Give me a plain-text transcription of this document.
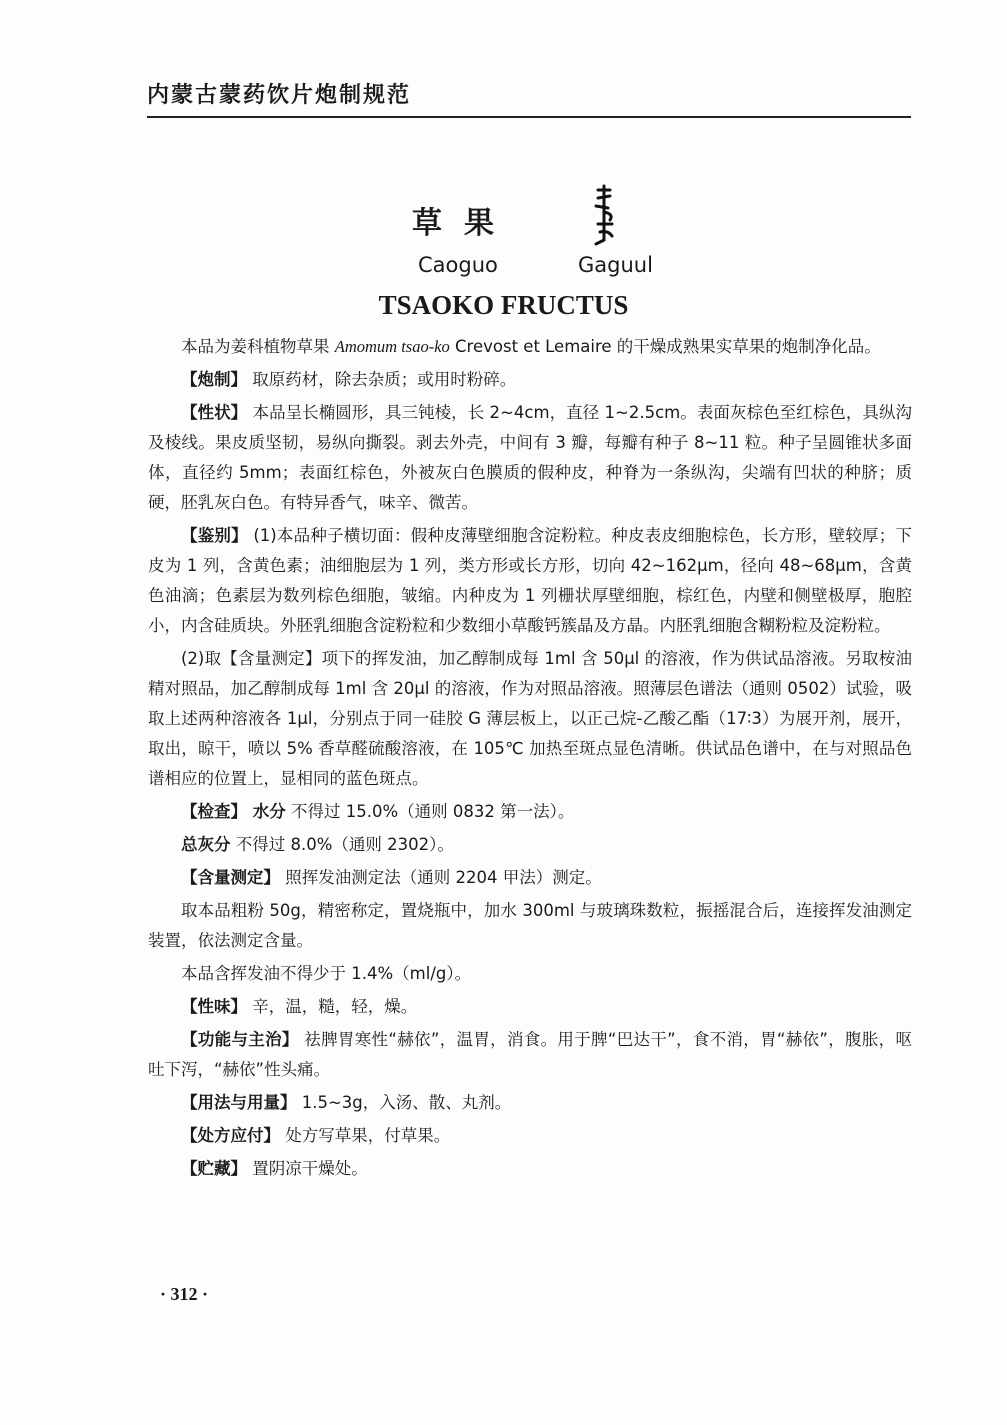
内蒙古蒙药饮片炮制规范
草果
Caoguo	Gaguul
TSAOKO FRUCTUS

本品为姜科植物草果 Amomum tsao-ko Crevost et Lemaire 的干燥成熟果实草果的炮制净化品。

【炮制】 取原药材，除去杂质；或用时粉碎。

【性状】 本品呈长椭圆形，具三钝棱，长 2~4cm，直径 1~2.5cm。表面灰棕色至红棕色，具纵沟及棱线。果皮质坚韧，易纵向撕裂。剥去外壳，中间有 3 瓣，每瓣有种子 8~11 粒。种子呈圆锥状多面体，直径约 5mm；表面红棕色，外被灰白色膜质的假种皮，种脊为一条纵沟，尖端有凹状的种脐；质硬，胚乳灰白色。有特异香气，味辛、微苦。

【鉴别】 (1)本品种子横切面：假种皮薄壁细胞含淀粉粒。种皮表皮细胞棕色，长方形，壁较厚；下皮为 1 列，含黄色素；油细胞层为 1 列，类方形或长方形，切向 42~162μm，径向 48~68μm，含黄色油滴；色素层为数列棕色细胞，皱缩。内种皮为 1 列栅状厚壁细胞，棕红色，内壁和侧壁极厚，胞腔小，内含硅质块。外胚乳细胞含淀粉粒和少数细小草酸钙簇晶及方晶。内胚乳细胞含糊粉粒及淀粉粒。

(2)取【含量测定】项下的挥发油，加乙醇制成每 1ml 含 50μl 的溶液，作为供试品溶液。另取桉油精对照品，加乙醇制成每 1ml 含 20μl 的溶液，作为对照品溶液。照薄层色谱法（通则 0502）试验，吸取上述两种溶液各 1μl，分别点于同一硅胶 G 薄层板上，以正己烷-乙酸乙酯（17∶3）为展开剂，展开，取出，晾干，喷以 5% 香草醛硫酸溶液，在 105℃ 加热至斑点显色清晰。供试品色谱中，在与对照品色谱相应的位置上，显相同的蓝色斑点。

【检查】 水分 不得过 15.0%（通则 0832 第一法）。

总灰分 不得过 8.0%（通则 2302）。

【含量测定】 照挥发油测定法（通则 2204 甲法）测定。

取本品粗粉 50g，精密称定，置烧瓶中，加水 300ml 与玻璃珠数粒，振摇混合后，连接挥发油测定装置，依法测定含量。

本品含挥发油不得少于 1.4%（ml/g）。

【性味】 辛，温，糙，轻，燥。

【功能与主治】 祛脾胃寒性“赫依”，温胃，消食。用于脾“巴达干”，食不消，胃“赫依”，腹胀，呕吐下泻，“赫依”性头痛。

【用法与用量】 1.5~3g，入汤、散、丸剂。

【处方应付】 处方写草果，付草果。

【贮藏】 置阴凉干燥处。

· 312 ·
